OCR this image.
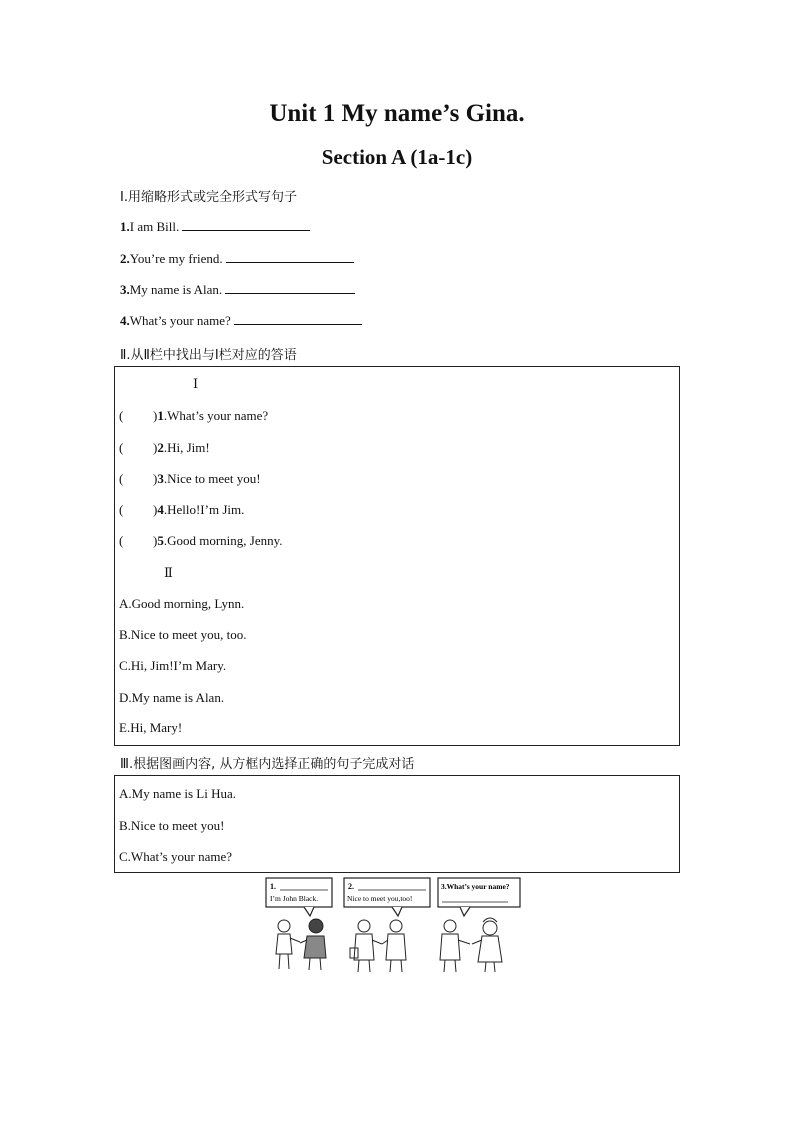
Unit 1 My name’s Gina.
Section A (1a-1c)
Ⅰ.用缩略形式或完全形式写句子
1.I am Bill.
2.You’re my friend.
3.My name is Alan.
4.What’s your name?
Ⅱ.从Ⅱ栏中找出与Ⅰ栏对应的答语
Ⅰ
( )1.What’s your name?
( )2.Hi, Jim!
( )3.Nice to meet you!
( )4.Hello!I’m Jim.
( )5.Good morning, Jenny.
Ⅱ
A.Good morning, Lynn.
B.Nice to meet you, too.
C.Hi, Jim!I’m Mary.
D.My name is Alan.
E.Hi, Mary!
Ⅲ.根据图画内容, 从方框内选择正确的句子完成对话
A.My name is Li Hua.
B.Nice to meet you!
C.What’s your name?
1.
I’m John Black.
2.
Nice to meet you,too!
3.What’s your name?
